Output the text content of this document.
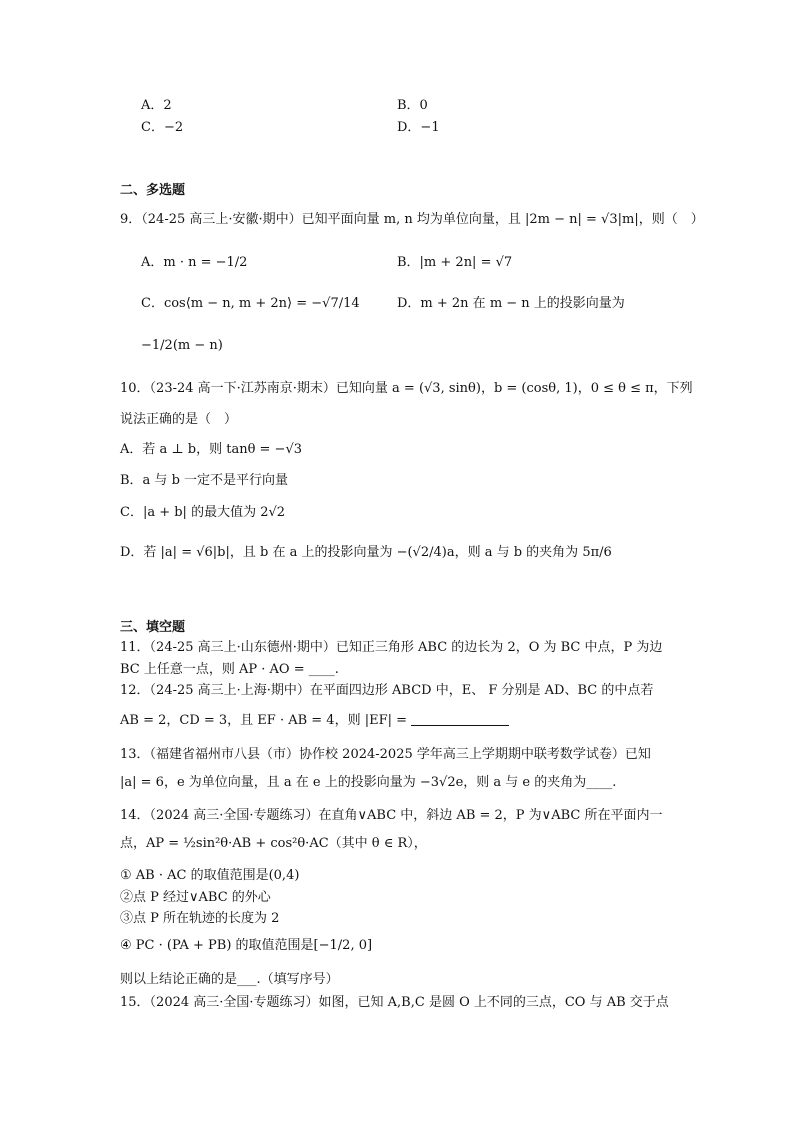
A．2	B．0
C．−2	D．−1
二、多选题
9．（24-25 高三上·安徽·期中）已知平面向量 m, n 均为单位向量，且 |2m − n| = √3|m|，则（　）
A．m · n = −1/2	B．|m + 2n| = √7
C．cos⟨m − n, m + 2n⟩ = −√7/14	D．m + 2n 在 m − n 上的投影向量为
−1/2(m − n)
10．（23-24 高一下·江苏南京·期末）已知向量 a = (√3, sinθ)，b = (cosθ, 1)，0 ≤ θ ≤ π，下列
说法正确的是（　）
A．若 a ⊥ b，则 tanθ = −√3
B．a 与 b 一定不是平行向量
C．|a + b| 的最大值为 2√2
D．若 |a| = √6|b|，且 b 在 a 上的投影向量为 −(√2/4)a，则 a 与 b 的夹角为 5π/6
三、填空题
11．（24-25 高三上·山东德州·期中）已知正三角形 ABC 的边长为 2，O 为 BC 中点，P 为边
BC 上任意一点，则 AP · AO = ____.
12．（24-25 高三上·上海·期中）在平面四边形 ABCD 中，E、 F 分别是 AD、BC 的中点若
AB = 2，CD = 3，且 EF · AB = 4，则 |EF| =
13．（福建省福州市八县（市）协作校 2024-2025 学年高三上学期期中联考数学试卷）已知
|a| = 6，e 为单位向量，且 a 在 e 上的投影向量为 −3√2e，则 a 与 e 的夹角为____.
14．（2024 高三·全国·专题练习）在直角∨ABC 中，斜边 AB = 2，P 为∨ABC 所在平面内一
点，AP = ½sin²θ·AB + cos²θ·AC（其中 θ ∈ R），
① AB · AC 的取值范围是(0,4)
②点 P 经过∨ABC 的外心
③点 P 所在轨迹的长度为 2
④ PC · (PA + PB) 的取值范围是[−1/2, 0]
则以上结论正确的是___.（填写序号）
15．（2024 高三·全国·专题练习）如图，已知 A,B,C 是圆 O 上不同的三点，CO 与 AB 交于点
